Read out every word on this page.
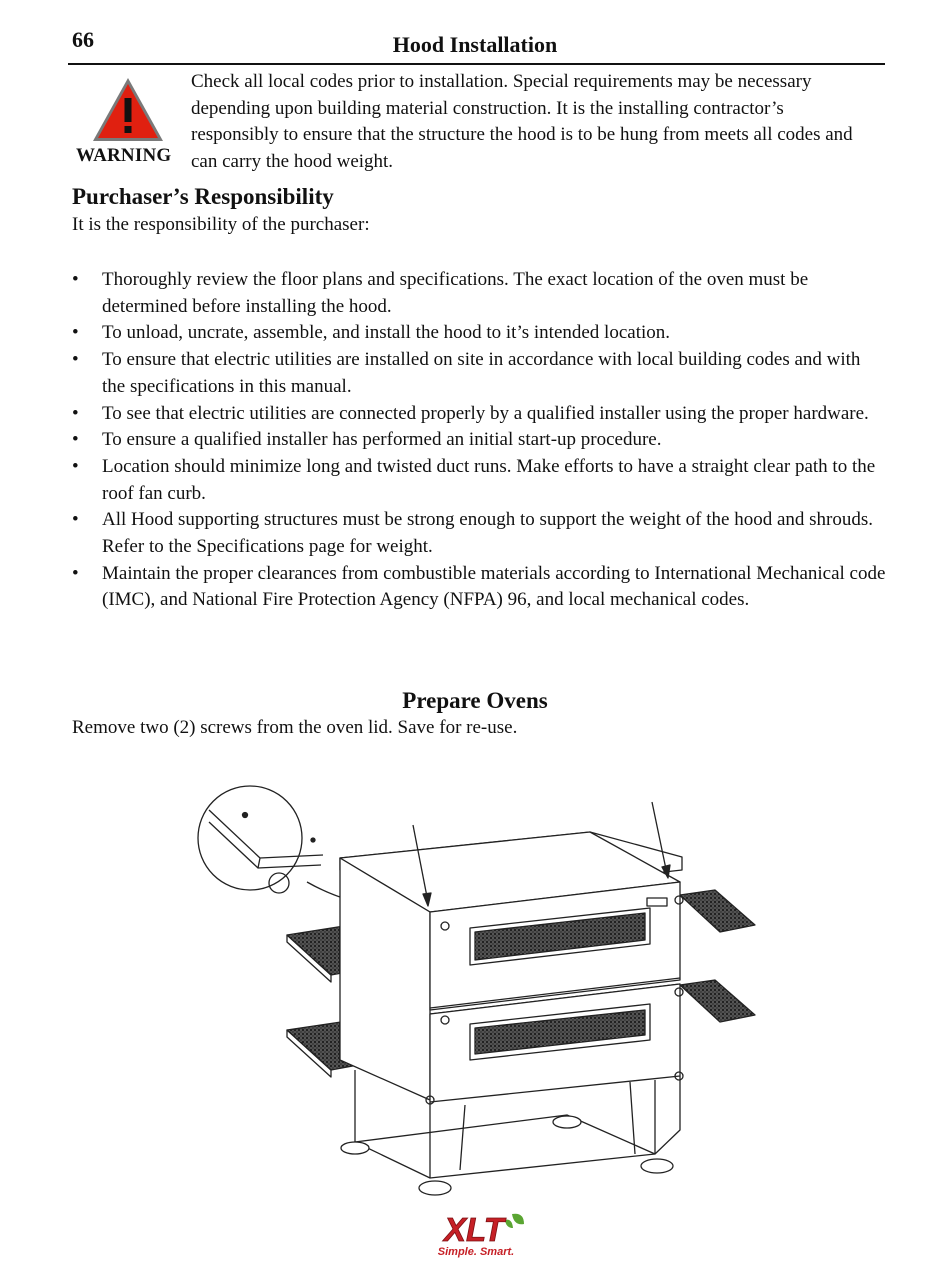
66	Hood Installation
WARNING
Check all local codes prior to installation. Special requirements may be necessary depending upon building material construction. It is the installing contractor’s responsibly to ensure that the structure the hood is to be hung from meets all codes and can carry the hood weight.
Purchaser’s Responsibility
It is the responsibility of the purchaser:
• Thoroughly review the floor plans and specifications. The exact location of the oven must be determined before installing the hood.
• To unload, uncrate, assemble, and install the hood to it’s intended location.
• To ensure that electric utilities are installed on site in accordance with local building codes and with the specifications in this manual.
• To see that electric utilities are connected properly by a qualified installer using the proper hardware.
• To ensure a qualified installer has performed an initial start-up procedure.
• Location should minimize long and twisted duct runs. Make efforts to have a straight clear path to the roof fan curb.
• All Hood supporting structures must be strong enough to support the weight of the hood and shrouds. Refer to the Specifications page for weight.
• Maintain the proper clearances from combustible materials according to International Mechanical code (IMC), and National Fire Protection Agency (NFPA) 96, and local mechanical codes.
Prepare Ovens
Remove two (2) screws from the oven lid. Save for re-use.
XLT
Simple. Smart.
